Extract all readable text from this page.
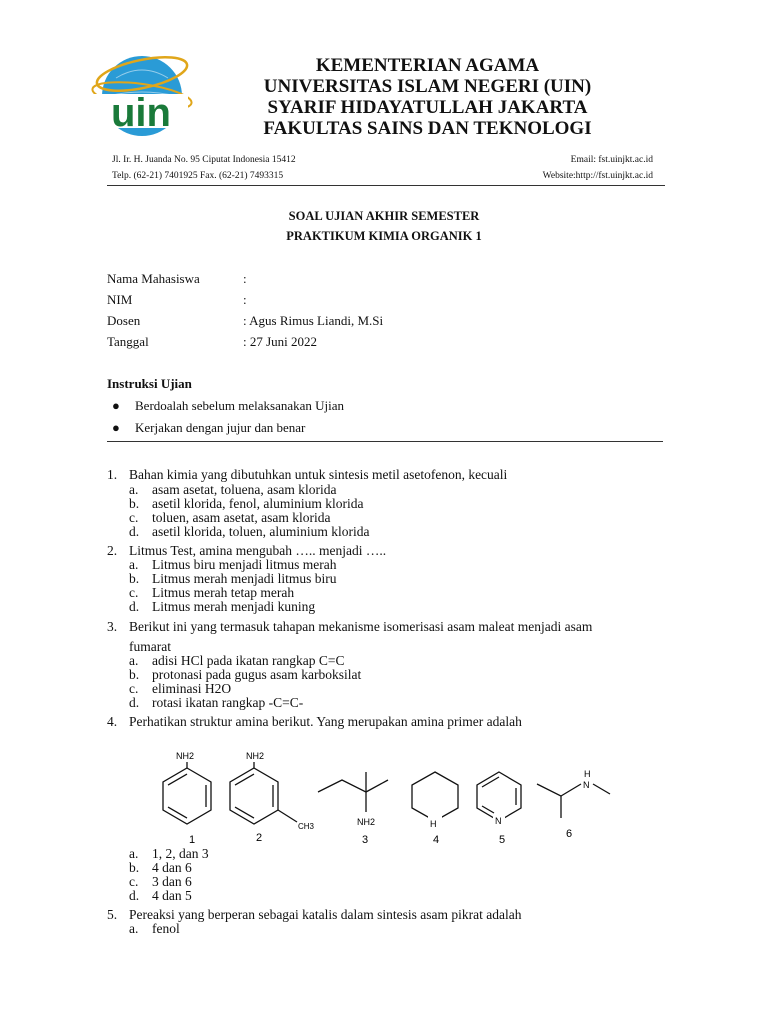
uin
KEMENTERIAN AGAMA
UNIVERSITAS ISLAM NEGERI (UIN)
SYARIF HIDAYATULLAH JAKARTA
FAKULTAS SAINS DAN TEKNOLOGI
Jl. Ir. H. Juanda No. 95 Ciputat Indonesia 15412
Telp. (62-21) 7401925 Fax. (62-21) 7493315
Email: fst.uinjkt.ac.id
Website:http://fst.uinjkt.ac.id
SOAL UJIAN AKHIR SEMESTER
PRAKTIKUM KIMIA ORGANIK 1
Nama Mahasiswa	:
NIM	:
Dosen	: Agus Rimus Liandi, M.Si
Tanggal	: 27 Juni 2022
Instruksi Ujian
● Berdoalah sebelum melaksanakan Ujian
● Kerjakan dengan jujur dan benar
1. Bahan kimia yang dibutuhkan untuk sintesis metil asetofenon, kecuali
a. asam asetat, toluena, asam klorida
b. asetil klorida, fenol, aluminium klorida
c. toluen, asam asetat, asam klorida
d. asetil klorida, toluen, aluminium klorida
2. Litmus Test, amina mengubah ….. menjadi …..
a. Litmus biru menjadi litmus merah
b. Litmus merah menjadi litmus biru
c. Litmus merah tetap merah
d. Litmus merah menjadi kuning
3. Berikut ini yang termasuk tahapan mekanisme isomerisasi asam maleat menjadi asam
fumarat
a. adisi HCl pada ikatan rangkap C=C
b. protonasi pada gugus asam karboksilat
c. eliminasi H2O
d. rotasi ikatan rangkap -C=C-
4. Perhatikan struktur amina berikut. Yang merupakan amina primer adalah
NH2	NH2
CH3	NH2	H	N
H
N
1	2	3	4	5	6
a. 1, 2, dan 3
b. 4 dan 6
c. 3 dan 6
d. 4 dan 5
5. Pereaksi yang berperan sebagai katalis dalam sintesis asam pikrat adalah
a. fenol
